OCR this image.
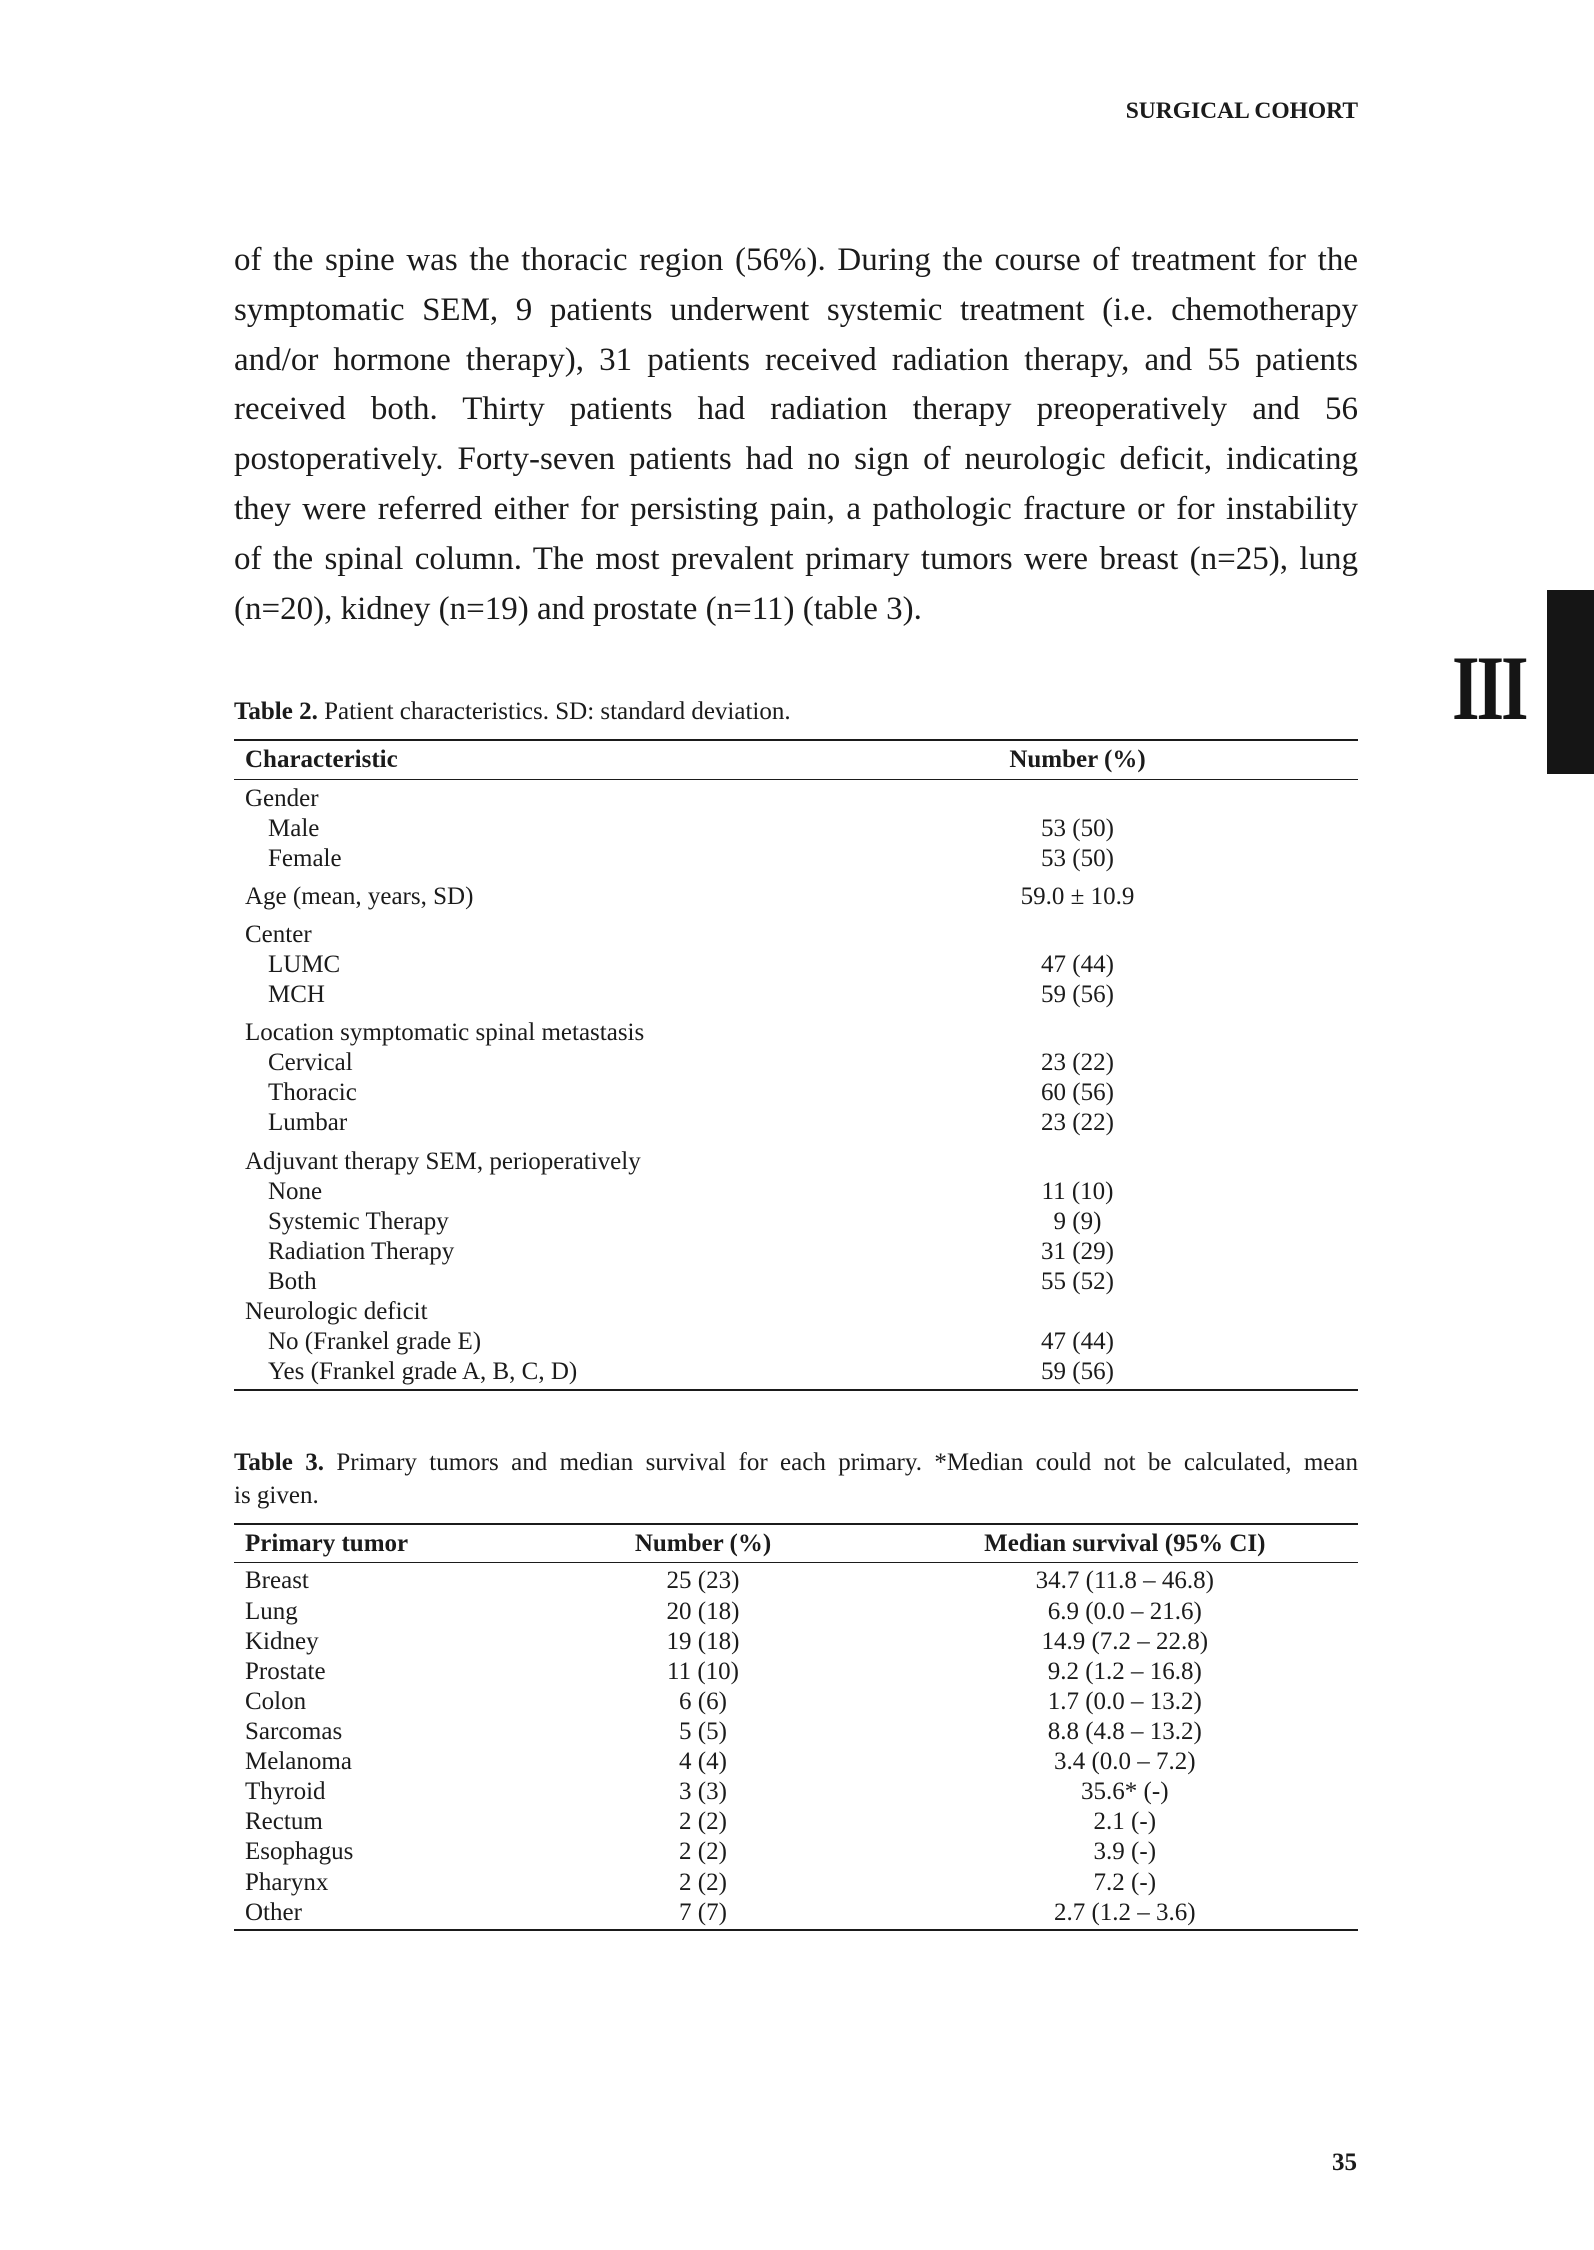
SURGICAL COHORT
III
of the spine was the thoracic region (56%). During the course of treatment for the
symptomatic SEM, 9 patients underwent systemic treatment (i.e. chemotherapy
and/or hormone therapy), 31 patients received radiation therapy, and 55 patients
received both. Thirty patients had radiation therapy preoperatively and 56
postoperatively. Forty-seven patients had no sign of neurologic deficit, indicating
they were referred either for persisting pain, a pathologic fracture or for instability
of the spinal column. The most prevalent primary tumors were breast (n=25), lung
(n=20), kidney (n=19) and prostate (n=11) (table 3).
Table 2. Patient characteristics. SD: standard deviation.
Characteristic	Number (%)
Gender
Male	53 (50)
Female	53 (50)
Age (mean, years, SD)	59.0 ± 10.9
Center
LUMC	47 (44)
MCH	59 (56)
Location symptomatic spinal metastasis
Cervical	23 (22)
Thoracic	60 (56)
Lumbar	23 (22)
Adjuvant therapy SEM, perioperatively
None	11 (10)
Systemic Therapy	9 (9)
Radiation Therapy	31 (29)
Both	55 (52)
Neurologic deficit
No (Frankel grade E)	47 (44)
Yes (Frankel grade A, B, C, D)	59 (56)
Table 3. Primary tumors and median survival for each primary. *Median could not be calculated, mean
is given.
Primary tumor	Number (%)	Median survival (95% CI)
Breast	25 (23)	34.7 (11.8 – 46.8)
Lung	20 (18)	6.9 (0.0 – 21.6)
Kidney	19 (18)	14.9 (7.2 – 22.8)
Prostate	11 (10)	9.2 (1.2 – 16.8)
Colon	6 (6)	1.7 (0.0 – 13.2)
Sarcomas	5 (5)	8.8 (4.8 – 13.2)
Melanoma	4 (4)	3.4 (0.0 – 7.2)
Thyroid	3 (3)	35.6* (-)
Rectum	2 (2)	2.1 (-)
Esophagus	2 (2)	3.9 (-)
Pharynx	2 (2)	7.2 (-)
Other	7 (7)	2.7 (1.2 – 3.6)
35
